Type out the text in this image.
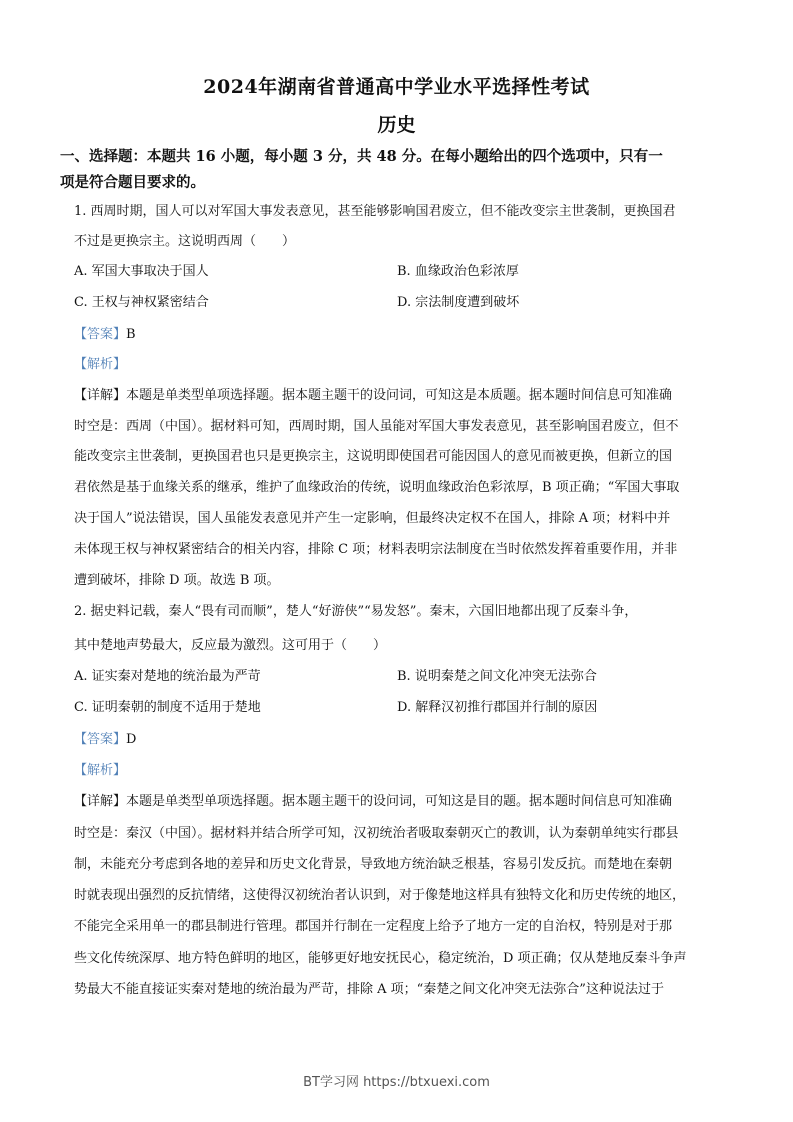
2024年湖南省普通高中学业水平选择性考试
历史
一、选择题：本题共 16 小题，每小题 3 分，共 48 分。在每小题给出的四个选项中，只有一
项是符合题目要求的。
1. 西周时期，国人可以对军国大事发表意见，甚至能够影响国君废立，但不能改变宗主世袭制，更换国君
不过是更换宗主。这说明西周（　　）
A. 军国大事取决于国人	B. 血缘政治色彩浓厚
C. 王权与神权紧密结合	D. 宗法制度遭到破坏
【答案】B
【解析】
【详解】本题是单类型单项选择题。据本题主题干的设问词，可知这是本质题。据本题时间信息可知准确
时空是：西周（中国）。据材料可知，西周时期，国人虽能对军国大事发表意见，甚至影响国君废立，但不
能改变宗主世袭制，更换国君也只是更换宗主，这说明即使国君可能因国人的意见而被更换，但新立的国
君依然是基于血缘关系的继承，维护了血缘政治的传统，说明血缘政治色彩浓厚，B 项正确；“军国大事取
决于国人”说法错误，国人虽能发表意见并产生一定影响，但最终决定权不在国人，排除 A 项；材料中并
未体现王权与神权紧密结合的相关内容，排除 C 项；材料表明宗法制度在当时依然发挥着重要作用，并非
遭到破坏，排除 D 项。故选 B 项。
2. 据史料记载，秦人“畏有司而顺”，楚人“好游侠”“易发怒”。秦末，六国旧地都出现了反秦斗争，
其中楚地声势最大，反应最为激烈。这可用于（　　）
A. 证实秦对楚地的统治最为严苛	B. 说明秦楚之间文化冲突无法弥合
C. 证明秦朝的制度不适用于楚地	D. 解释汉初推行郡国并行制的原因
【答案】D
【解析】
【详解】本题是单类型单项选择题。据本题主题干的设问词，可知这是目的题。据本题时间信息可知准确
时空是：秦汉（中国）。据材料并结合所学可知，汉初统治者吸取秦朝灭亡的教训，认为秦朝单纯实行郡县
制，未能充分考虑到各地的差异和历史文化背景，导致地方统治缺乏根基，容易引发反抗。而楚地在秦朝
时就表现出强烈的反抗情绪，这使得汉初统治者认识到，对于像楚地这样具有独特文化和历史传统的地区，
不能完全采用单一的郡县制进行管理。郡国并行制在一定程度上给予了地方一定的自治权，特别是对于那
些文化传统深厚、地方特色鲜明的地区，能够更好地安抚民心，稳定统治，D 项正确；仅从楚地反秦斗争声
势最大不能直接证实秦对楚地的统治最为严苛，排除 A 项；“秦楚之间文化冲突无法弥合”这种说法过于
BT学习网 https://btxuexi.com
